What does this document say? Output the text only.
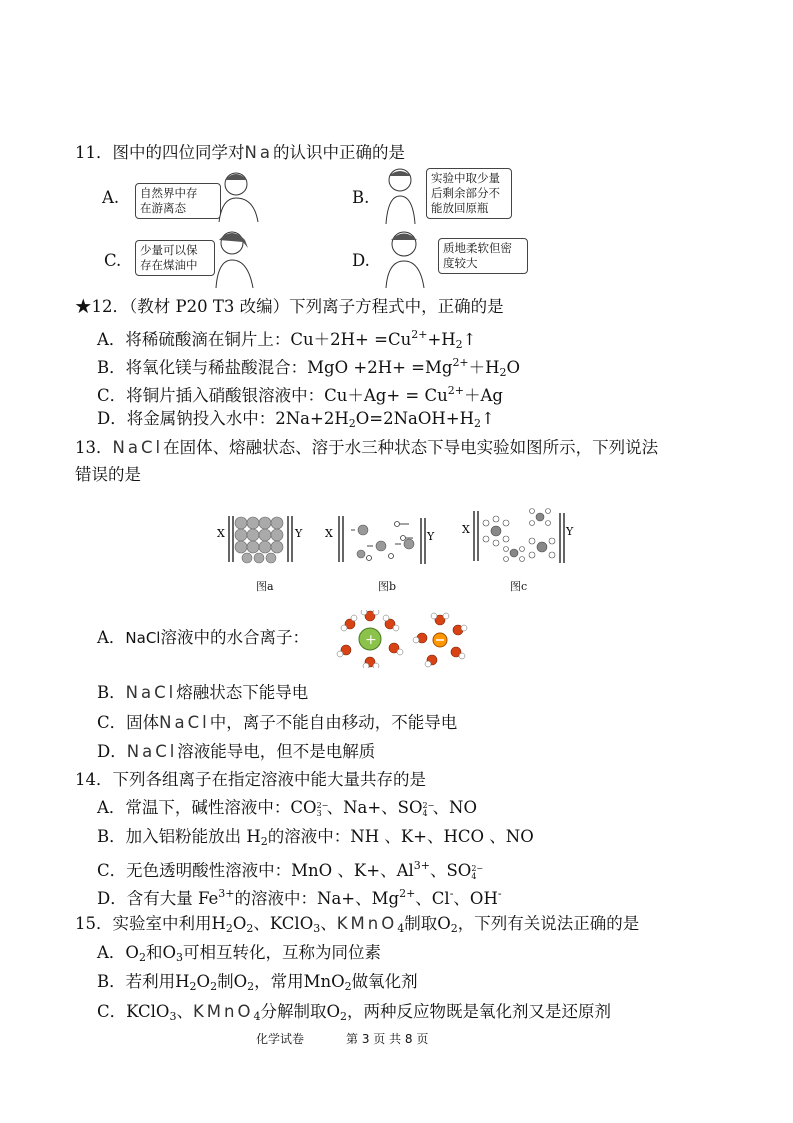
11．图中的四位同学对Na的认识中正确的是
A. 自然界中存
在游离态
B.
实验中取少量
后剩余部分不
能放回原瓶
C.
少量可以保
存在煤油中	D.
质地柔软但密
度较大
★12．（教材 P20 T3 改编）下列离子方程式中，正确的是
A．将稀硫酸滴在铜片上：$Cu+2H+ =Cu^{2+}+H_2↑$
B．将氧化镁与稀盐酸混合：MgO $+2H+ =Mg^{2+}+H_2O$
C．将铜片插入硝酸银溶液中：$Cu+Ag+ = Cu^{2+}+Ag$
D．将金属钠投入水中：$2Na+2H_2O=2NaOH+H_2↑$
13．NaCl在固体、熔融状态、溶于水三种状态下导电实验如图所示，下列说法
错误的是
X	Y
图a
X	Y
图b
X	Y
图c
A．NaCl溶液中的水合离子：	+
B．NaCl熔融状态下能导电
C．固体NaCl中，离子不能自由移动，不能导电
D．NaCl溶液能导电，但不是电解质
14．下列各组离子在指定溶液中能大量共存的是
A．常温下，碱性溶液中：CO 2−
3 、Na+、SO 2−
4 、NO
B．加入铝粉能放出 $H_2$的溶液中：NH 、K+、HCO 、NO
C．无色透明酸性溶液中：MnO 、K+、$Al^{3+}$、SO 2−
4
D．含有大量 $Fe^{3+}$的溶液中：Na+、$Mg^{2+}$、Cl-、OH-
15．实验室中利用$H_2O_2$、KClO$_3$、KMnO$_4$制取$O_2$，下列有关说法正确的是
A．$O_2$和$O_3$可相互转化，互称为同位素
B．若利用$H_2O_2$制$O_2$，常用MnO$_2$做氧化剂
C．KClO$_3$、KMnO$_4$分解制取$O_2$，两种反应物既是氧化剂又是还原剂
化学试卷	第 3 页 共 8 页
